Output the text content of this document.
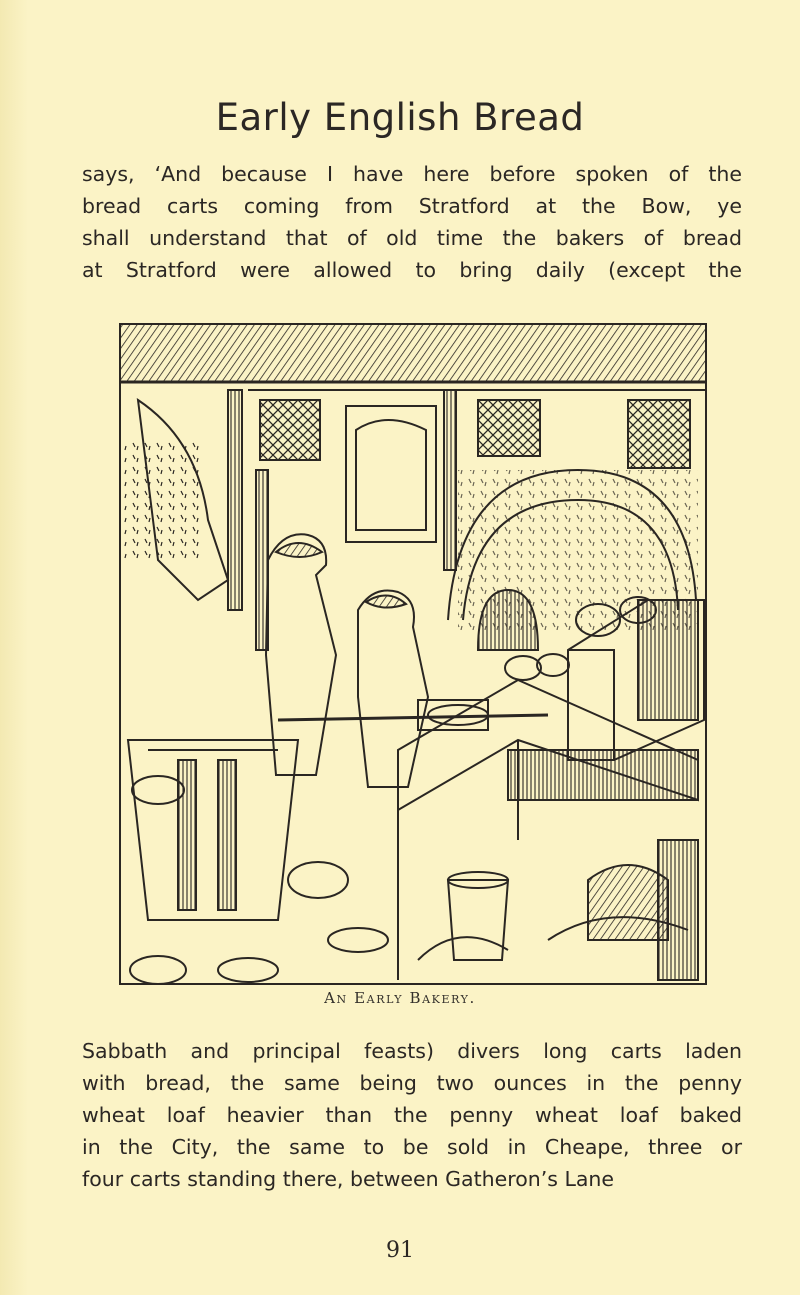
Early English Bread
says, ‘And because I have here before spoken of the
bread carts coming from Stratford at the Bow, ye
shall understand that of old time the bakers of bread
at Stratford were allowed to bring daily (except the
An Early Bakery.
Sabbath and principal feasts) divers long carts laden
with bread, the same being two ounces in the penny
wheat loaf heavier than the penny wheat loaf baked
in the City, the same to be sold in Cheape, three or
four carts standing there, between Gatheron’s Lane
91
